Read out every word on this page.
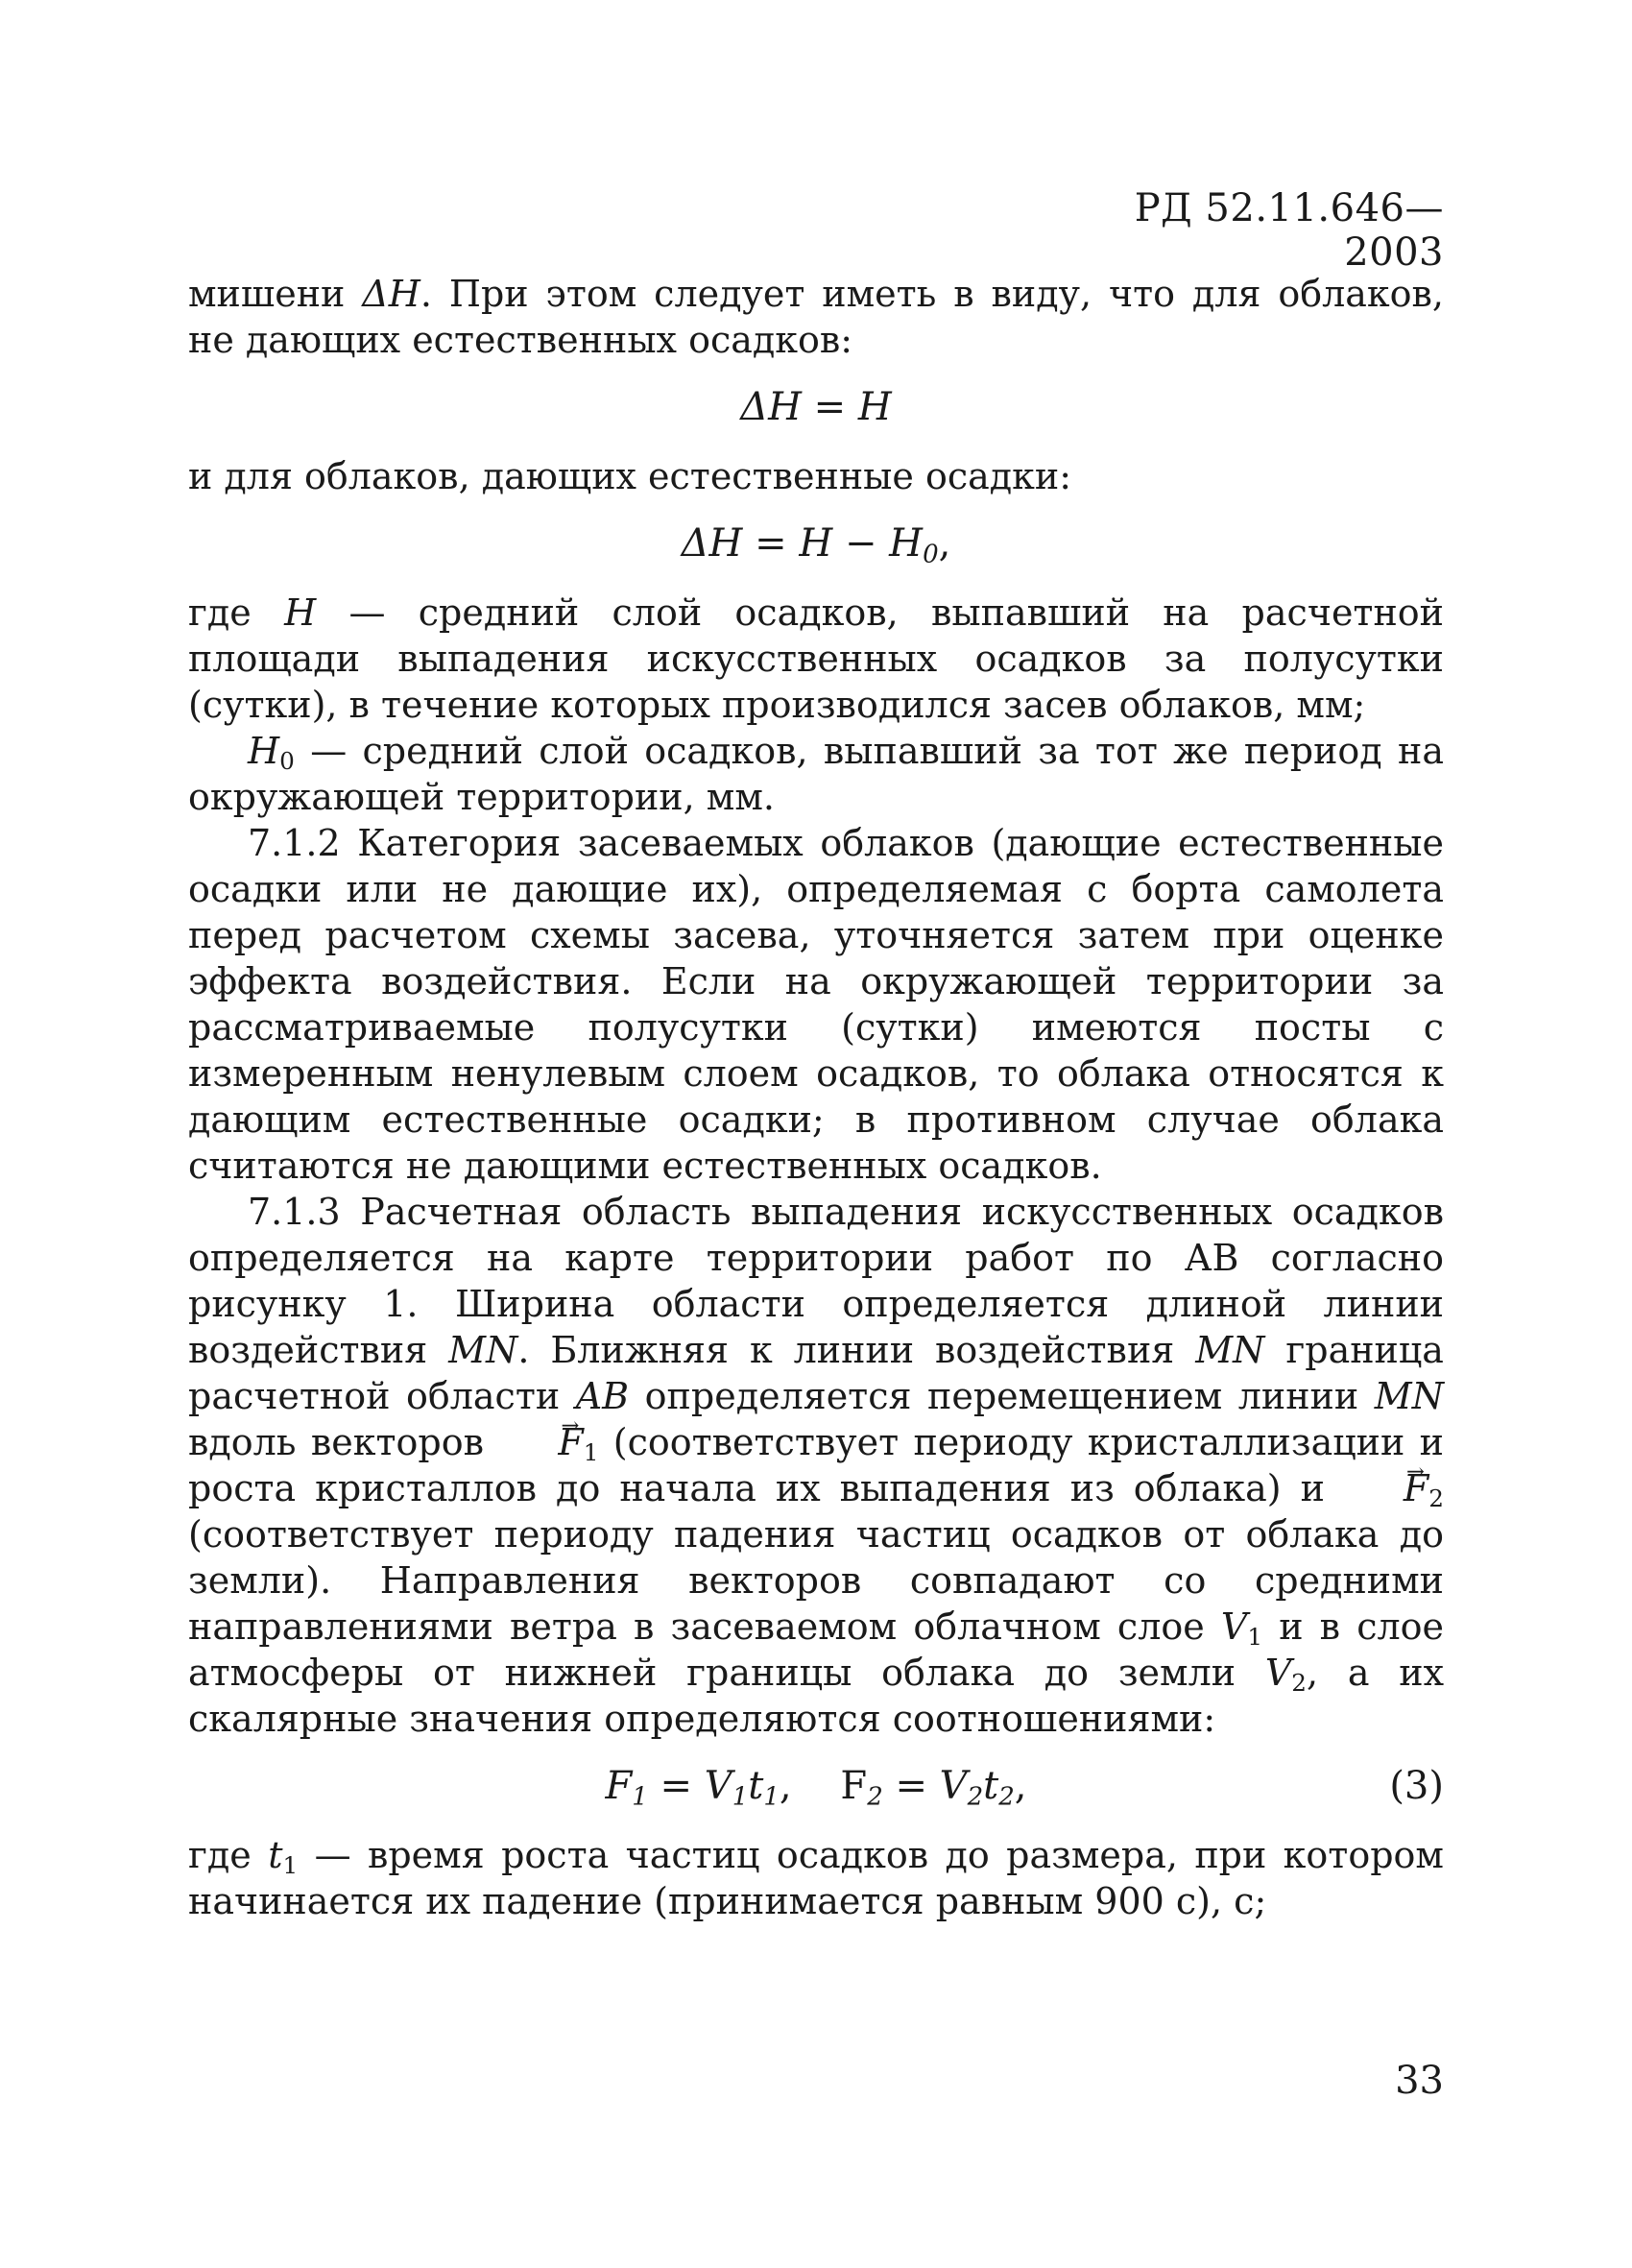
РД 52.11.646—2003

мишени ΔH. При этом следует иметь в виду, что для облаков, не дающих естественных осадков:

ΔH = H

и для облаков, дающих естественные осадки:

$\Delta H = H - H_0$,

где H — средний слой осадков, выпавший на расчетной площади выпадения искусственных осадков за полусутки (сутки), в течение которых производился засев облаков, мм;

$H_0$ — средний слой осадков, выпавший за тот же период на окружающей территории, мм.

7.1.2 Категория засеваемых облаков (дающие естественные осадки или не дающие их), определяемая с борта самолета перед расчетом схемы засева, уточняется затем при оценке эффекта воздействия. Если на окружающей территории за рассматриваемые полусутки (сутки) имеются посты с измеренным ненулевым слоем осадков, то облака относятся к дающим естественные осадки; в противном случае облака считаются не дающими естественных осадков.

7.1.3 Расчетная область выпадения искусственных осадков определяется на карте территории работ по АВ согласно рисунку 1. Ширина области определяется длиной линии воздействия MN. Ближняя к линии воздействия MN граница расчетной области AB определяется перемещением линии MN вдоль векторов → $F_1$ (соответствует периоду кристаллизации и роста кристаллов до начала их выпадения из облака) $и \to F_2$ (соответствует периоду падения частиц осадков от облака до земли). Направления векторов совпадают со средними направлениями ветра в засеваемом облачном слое $V_1$ и в слое атмосферы от нижней границы облака до земли $V_2$, а их скалярные значения определяются соотношениями:

$F_1 = V_1t_1$,    $F_2 = V_2t_2$,	(3)

где $t_1$ — время роста частиц осадков до размера, при котором начинается их падение (принимается равным 900 с), с;

33
